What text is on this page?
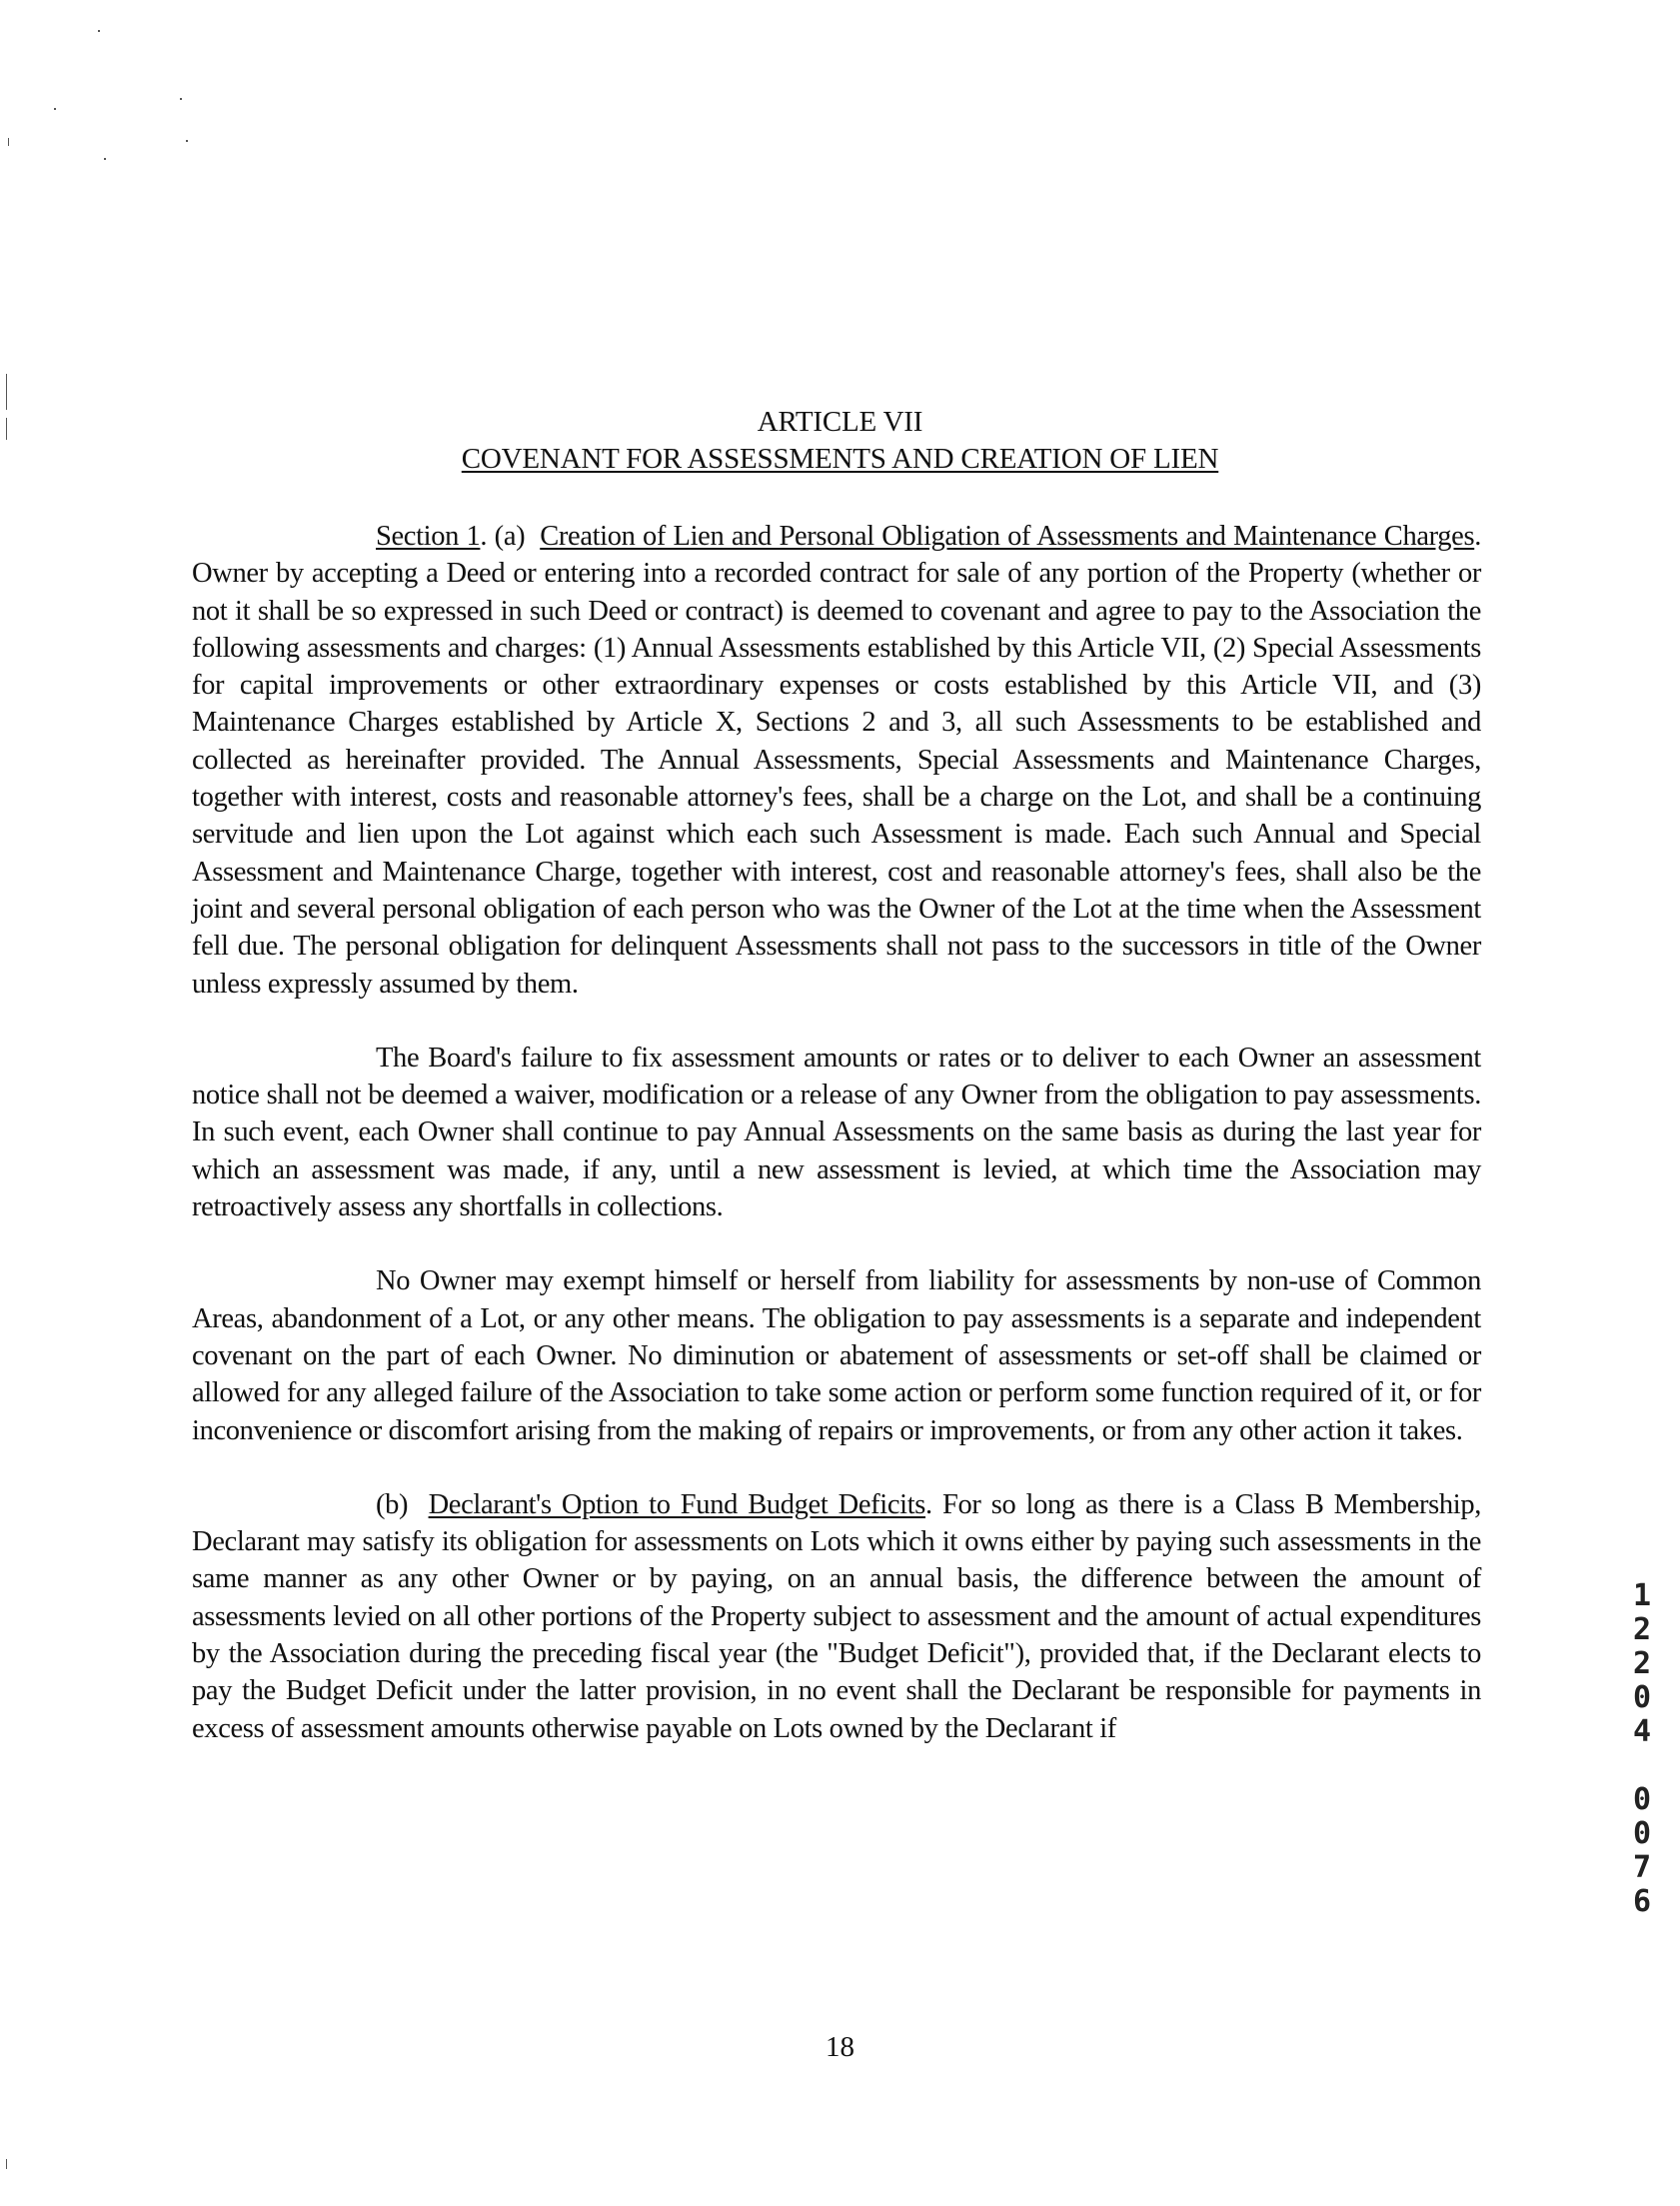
ARTICLE VII
COVENANT FOR ASSESSMENTS AND CREATION OF LIEN

Section 1. (a)  Creation of Lien and Personal Obligation of Assessments and Maintenance Charges. Owner by accepting a Deed or entering into a recorded contract for sale of any portion of the Property (whether or not it shall be so expressed in such Deed or contract) is deemed to covenant and agree to pay to the Association the following assessments and charges: (1) Annual Assessments established by this Article VII, (2) Special Assessments for capital improvements or other extraordinary expenses or costs established by this Article VII, and (3) Maintenance Charges established by Article X, Sections 2 and 3, all such Assessments to be established and collected as hereinafter provided. The Annual Assessments, Special Assessments and Maintenance Charges, together with interest, costs and reasonable attorney's fees, shall be a charge on the Lot, and shall be a continuing servitude and lien upon the Lot against which each such Assessment is made. Each such Annual and Special Assessment and Maintenance Charge, together with interest, cost and reasonable attorney's fees, shall also be the joint and several personal obligation of each person who was the Owner of the Lot at the time when the Assessment fell due. The personal obligation for delinquent Assessments shall not pass to the successors in title of the Owner unless expressly assumed by them.

The Board's failure to fix assessment amounts or rates or to deliver to each Owner an assessment notice shall not be deemed a waiver, modification or a release of any Owner from the obligation to pay assessments. In such event, each Owner shall continue to pay Annual Assessments on the same basis as during the last year for which an assessment was made, if any, until a new assessment is levied, at which time the Association may retroactively assess any shortfalls in collections.

No Owner may exempt himself or herself from liability for assessments by non-use of Common Areas, abandonment of a Lot, or any other means. The obligation to pay assessments is a separate and independent covenant on the part of each Owner. No diminution or abatement of assessments or set-off shall be claimed or allowed for any alleged failure of the Association to take some action or perform some function required of it, or for inconvenience or discomfort arising from the making of repairs or improvements, or from any other action it takes.

(b)  Declarant's Option to Fund Budget Deficits. For so long as there is a Class B Membership, Declarant may satisfy its obligation for assessments on Lots which it owns either by paying such assessments in the same manner as any other Owner or by paying, on an annual basis, the difference between the amount of assessments levied on all other portions of the Property subject to assessment and the amount of actual expenditures by the Association during the preceding fiscal year (the "Budget Deficit"), provided that, if the Declarant elects to pay the Budget Deficit under the latter provision, in no event shall the Declarant be responsible for payments in excess of assessment amounts otherwise payable on Lots owned by the Declarant if

18
1
2
2
0
4
0
0
7
6
